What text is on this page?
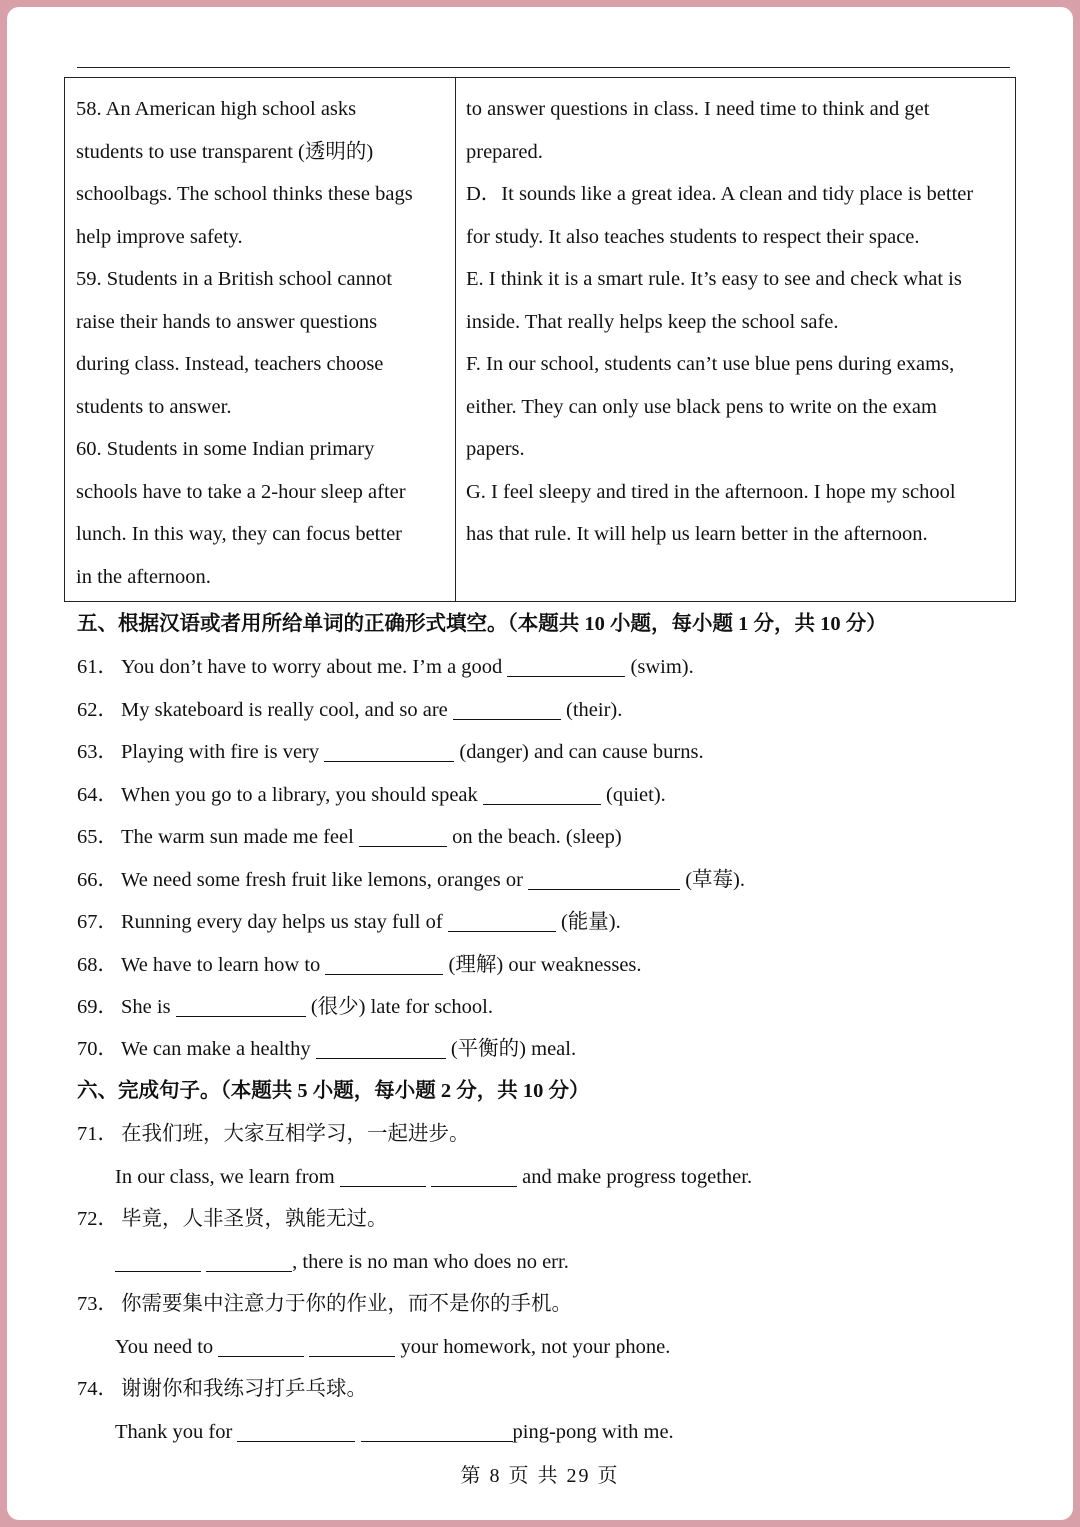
58. An American high school asks
students to use transparent (透明的)
schoolbags. The school thinks these bags
help improve safety.
59. Students in a British school cannot
raise their hands to answer questions
during class. Instead, teachers choose
students to answer.
60. Students in some Indian primary
schools have to take a 2-hour sleep after
lunch. In this way, they can focus better
in the afternoon.
to answer questions in class. I need time to think and get
prepared.
D．It sounds like a great idea. A clean and tidy place is better
for study. It also teaches students to respect their space.
E. I think it is a smart rule. It’s easy to see and check what is
inside. That really helps keep the school safe.
F. In our school, students can’t use blue pens during exams,
either. They can only use black pens to write on the exam
papers.
G. I feel sleepy and tired in the afternoon. I hope my school
has that rule. It will help us learn better in the afternoon.
五、根据汉语或者用所给单词的正确形式填空。（本题共 10 小题，每小题 1 分，共 10 分）
61． You don’t have to worry about me. I’m a good	(swim).
62． My skateboard is really cool, and so are	(their).
63． Playing with fire is very	(danger) and can cause burns.
64． When you go to a library, you should speak	(quiet).
65． The warm sun made me feel	on the beach. (sleep)
66． We need some fresh fruit like lemons, oranges or	(草莓).
67． Running every day helps us stay full of	(能量).
68． We have to learn how to	(理解) our weaknesses.
69． She is	(很少) late for school.
70． We can make a healthy	(平衡的) meal.
六、完成句子。（本题共 5 小题，每小题 2 分，共 10 分）
71． 在我们班，大家互相学习，一起进步。
In our class, we learn from	and make progress together.
72． 毕竟，人非圣贤，孰能无过。
, there is no man who does no err.
73． 你需要集中注意力于你的作业，而不是你的手机。
You need to	your homework, not your phone.
74． 谢谢你和我练习打乒乓球。
Thank you for	ping-pong with me.
第 8 页 共 29 页
